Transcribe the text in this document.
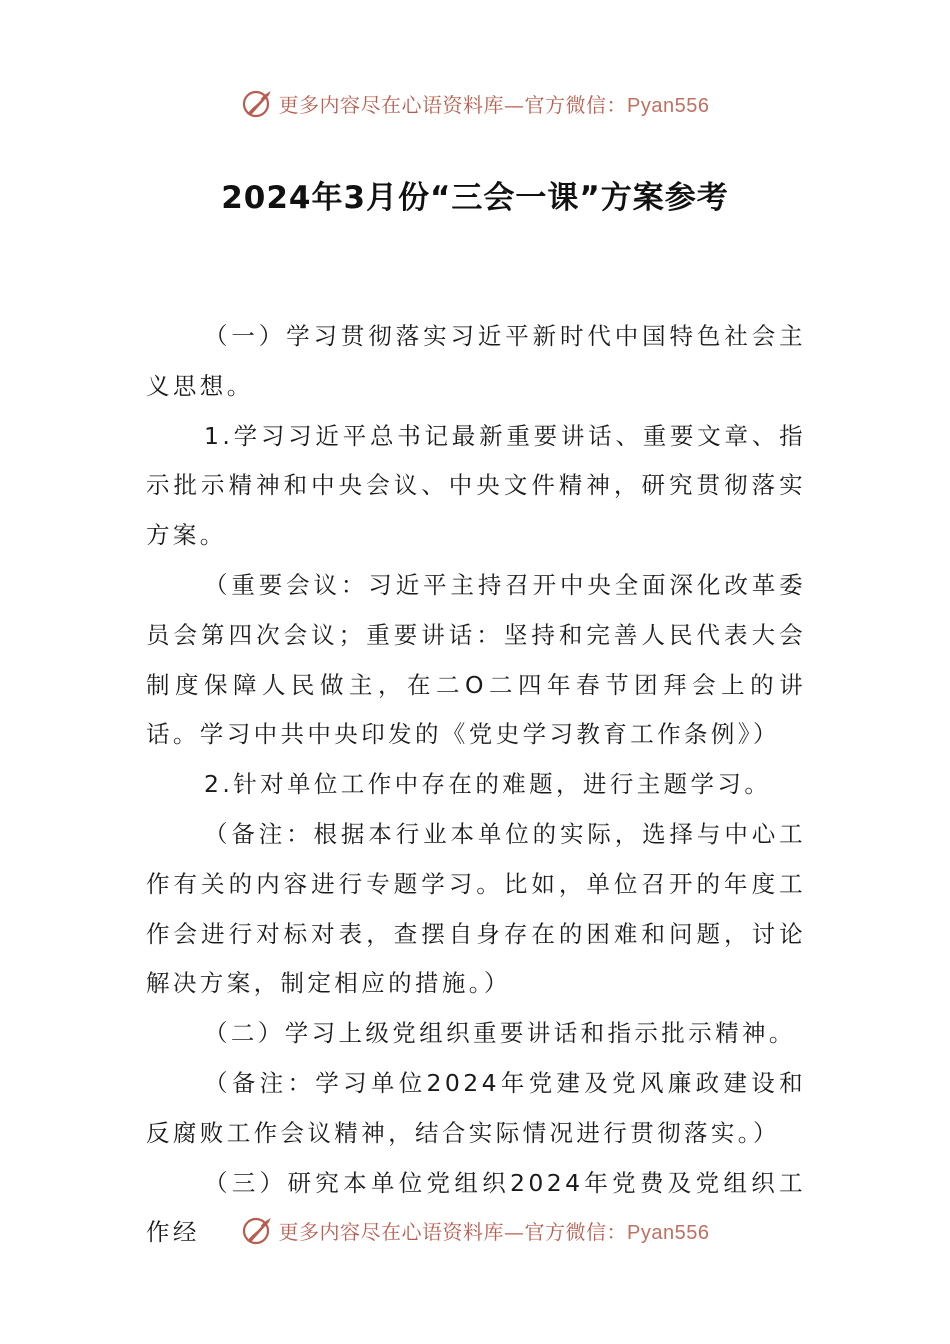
更多内容尽在心语资料库—官方微信：Pyan556
2024年3月份“三会一课”方案参考

（一）学习贯彻落实习近平新时代中国特色社会主义思想。

1.学习习近平总书记最新重要讲话、重要文章、指示批示精神和中央会议、中央文件精神，研究贯彻落实方案。

（重要会议：习近平主持召开中央全面深化改革委员会第四次会议；重要讲话：坚持和完善人民代表大会制度保障人民做主，在二O二四年春节团拜会上的讲话。学习中共中央印发的《党史学习教育工作条例》）

2.针对单位工作中存在的难题，进行主题学习。

（备注：根据本行业本单位的实际，选择与中心工作有关的内容进行专题学习。比如，单位召开的年度工作会进行对标对表，查摆自身存在的困难和问题，讨论解决方案，制定相应的措施。）

（二）学习上级党组织重要讲话和指示批示精神。

（备注：学习单位2024年党建及党风廉政建设和反腐败工作会议精神，结合实际情况进行贯彻落实。）

（三）研究本单位党组织2024年党费及党组织工作经	更多内容尽在心语资料库—官方微信：Pyan556
